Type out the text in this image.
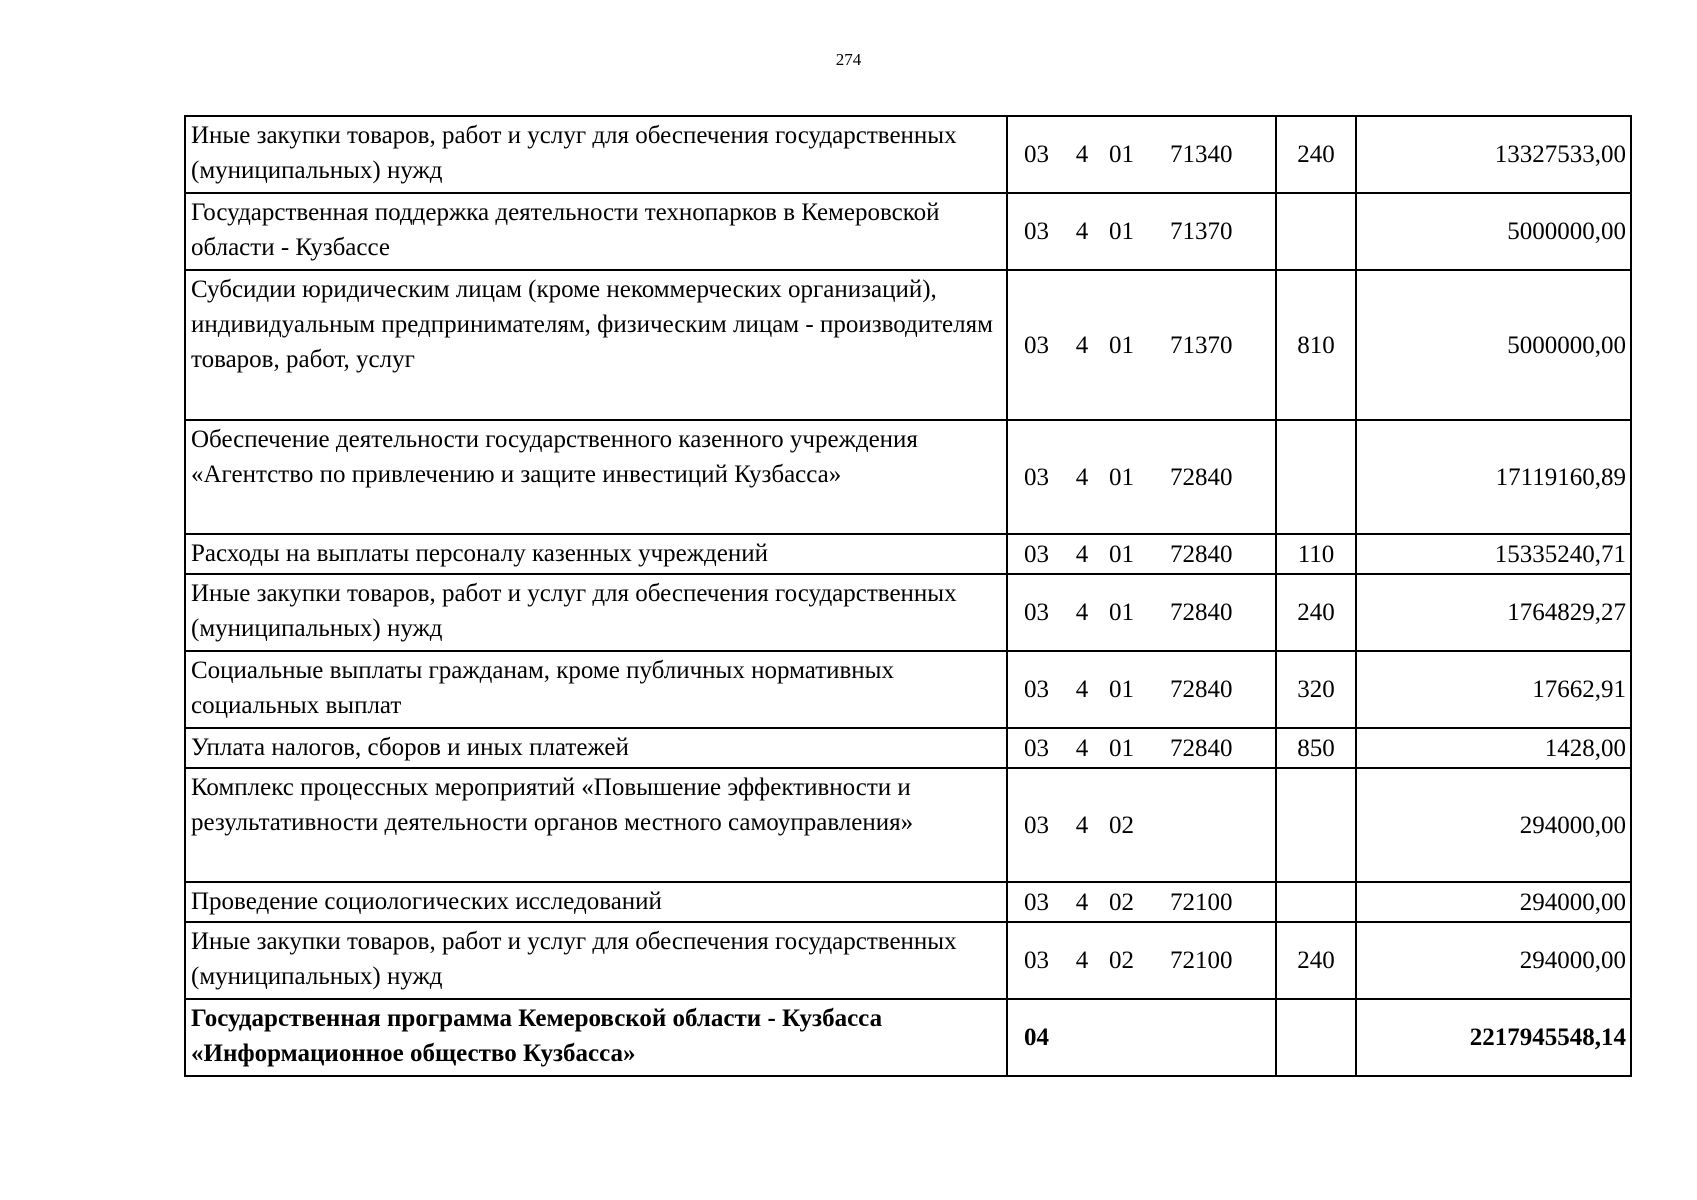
274
Иные закупки товаров, работ и услуг для обеспечения государственных (муниципальных) нужд	03 4 01 71340	240	13327533,00
Государственная поддержка деятельности технопарков в Кемеровской области - Кузбассе	03 4 01 71370		5000000,00
Субсидии юридическим лицам (кроме некоммерческих организаций), индивидуальным предпринимателям, физическим лицам - производителям товаров, работ, услуг	03 4 01 71370	810	5000000,00
Обеспечение деятельности государственного казенного учреждения «Агентство по привлечению и защите инвестиций Кузбасса»	03 4 01 72840		17119160,89
Расходы на выплаты персоналу казенных учреждений	03 4 01 72840	110	15335240,71
Иные закупки товаров, работ и услуг для обеспечения государственных (муниципальных) нужд	03 4 01 72840	240	1764829,27
Социальные выплаты гражданам, кроме публичных нормативных социальных выплат	03 4 01 72840	320	17662,91
Уплата налогов, сборов и иных платежей	03 4 01 72840	850	1428,00
Комплекс процессных мероприятий «Повышение эффективности и результативности деятельности органов местного самоуправления»	03 4 02		294000,00
Проведение социологических исследований	03 4 02 72100		294000,00
Иные закупки товаров, работ и услуг для обеспечения государственных (муниципальных) нужд	03 4 02 72100	240	294000,00
Государственная программа Кемеровской области - Кузбасса «Информационное общество Кузбасса»	04		2217945548,14
